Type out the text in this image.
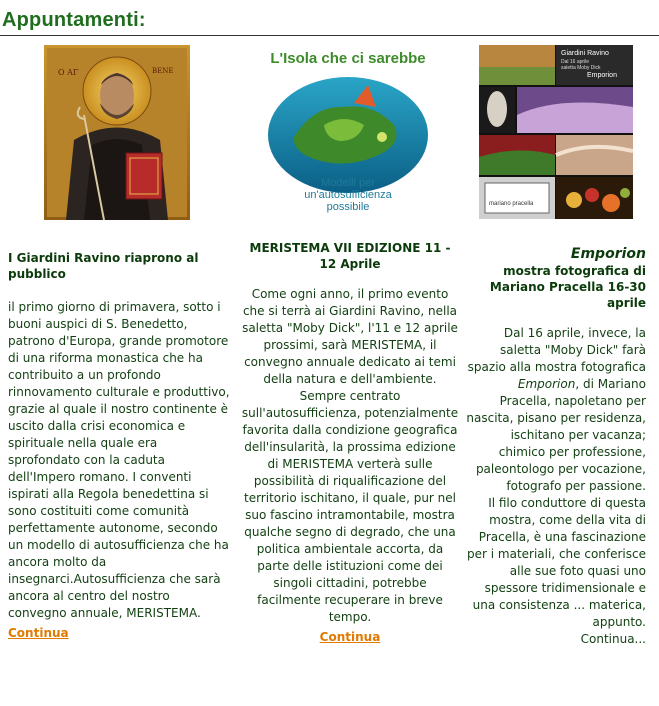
Appuntamenti:
Ο ΑΓ	ΒΕΝΕ
I Giardini Ravino riaprono al pubblico
il primo giorno di primavera, sotto i buoni auspici di S. Benedetto, patrono d'Europa, grande promotore di una riforma monastica che ha contribuito a un profondo rinnovamento culturale e produttivo, grazie al quale il nostro continente è uscito dalla crisi economica e spirituale nella quale era sprofondato con la caduta dell'Impero romano. I conventi ispirati alla Regola benedettina si sono costituiti come comunità perfettamente autonome, secondo un modello di autosufficienza che ha ancora molto da insegnarci.Autosufficienza che sarà ancora al centro del nostro convegno annuale, MERISTEMA.
Continua
L'Isola che ci sarebbe
Modelli per
un'autosufficienza
possibile
MERISTEMA VII EDIZIONE 11 - 12 Aprile
Come ogni anno, il primo evento che si terrà ai Giardini Ravino, nella saletta "Moby Dick", l'11 e 12 aprile prossimi, sarà MERISTEMA, il convegno annuale dedicato ai temi della natura e dell'ambiente. Sempre centrato sull'autosufficienza, potenzialmente favorita dalla condizione geografica dell'insularità, la prossima edizione di MERISTEMA verterà sulle possibilità di riqualificazione del territorio ischitano, il quale, pur nel suo fascino intramontabile, mostra qualche segno di degrado, che una politica ambientale accorta, da parte delle istituzioni come dei singoli cittadini, potrebbe facilmente recuperare in breve tempo.
Continua
Giardini Ravino
Dal 16 aprile
saletta Moby Dick
Emporion
mariano pracella
Emporion
mostra fotografica di Mariano Pracella 16-30 aprile
Dal 16 aprile, invece, la saletta "Moby Dick" farà spazio alla mostra fotografica Emporion, di Mariano Pracella, napoletano per nascita, pisano per residenza, ischitano per vacanza; chimico per professione, paleontologo per vocazione, fotografo per passione.
Il filo conduttore di questa mostra, come della vita di Pracella, è una fascinazione per i materiali, che conferisce alle sue foto quasi uno spessore tridimensionale e una consistenza ... materica, appunto.
Continua...
